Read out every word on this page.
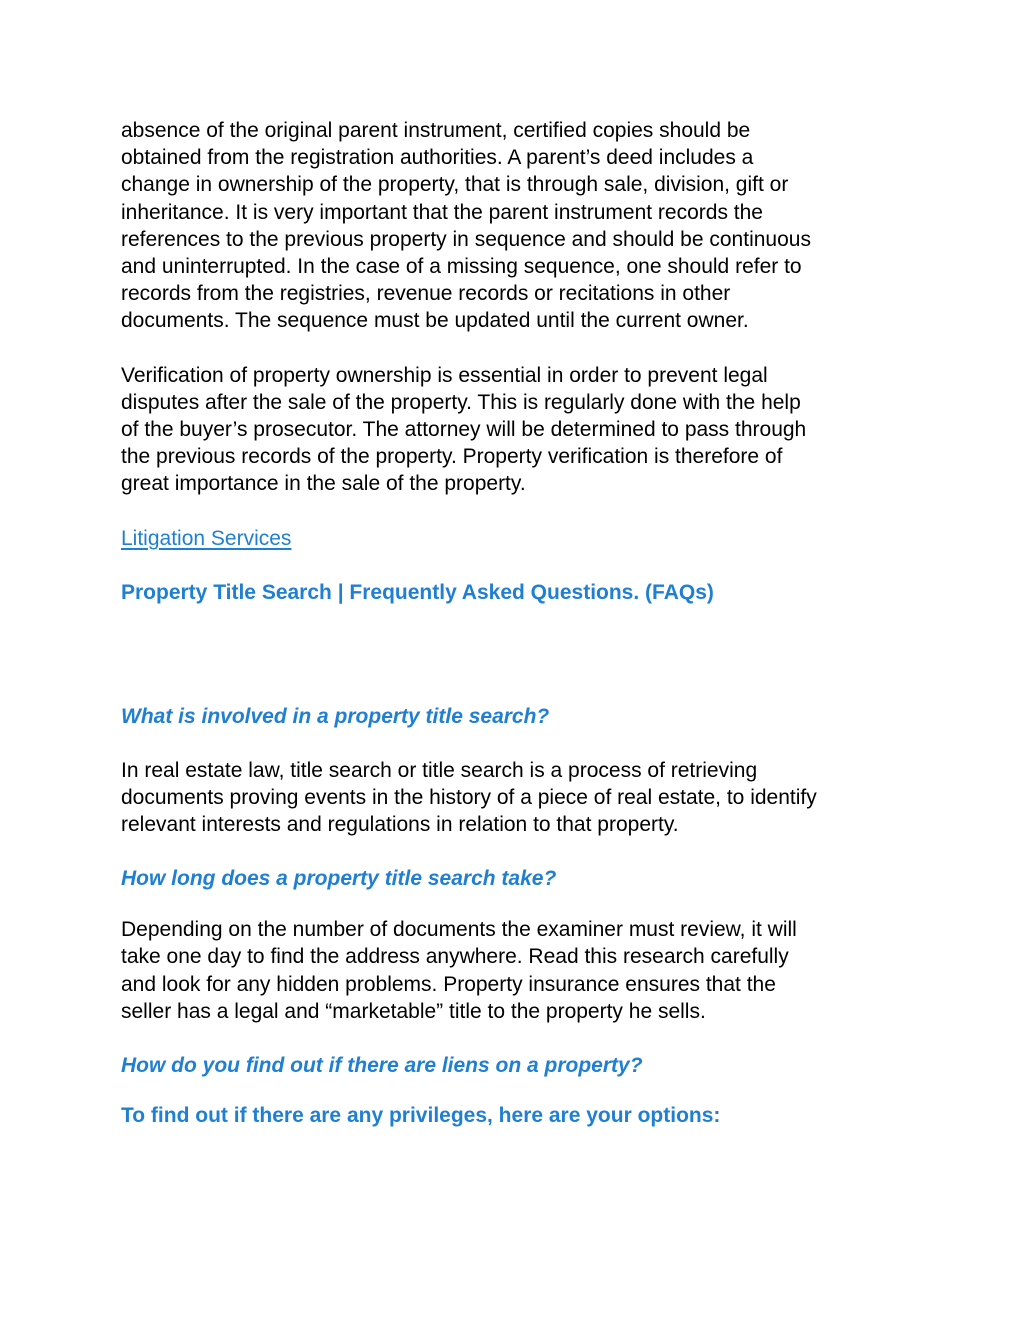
absence of the original parent instrument, certified copies should be
obtained from the registration authorities. A parent’s deed includes a
change in ownership of the property, that is through sale, division, gift or
inheritance. It is very important that the parent instrument records the
references to the previous property in sequence and should be continuous
and uninterrupted. In the case of a missing sequence, one should refer to
records from the registries, revenue records or recitations in other
documents. The sequence must be updated until the current owner.

Verification of property ownership is essential in order to prevent legal
disputes after the sale of the property. This is regularly done with the help
of the buyer’s prosecutor. The attorney will be determined to pass through
the previous records of the property. Property verification is therefore of
great importance in the sale of the property.

Litigation Services

Property Title Search | Frequently Asked Questions. (FAQs)

What is involved in a property title search?

In real estate law, title search or title search is a process of retrieving
documents proving events in the history of a piece of real estate, to identify
relevant interests and regulations in relation to that property.

How long does a property title search take?

Depending on the number of documents the examiner must review, it will
take one day to find the address anywhere. Read this research carefully
and look for any hidden problems. Property insurance ensures that the
seller has a legal and “marketable” title to the property he sells.

How do you find out if there are liens on a property?

To find out if there are any privileges, here are your options:
